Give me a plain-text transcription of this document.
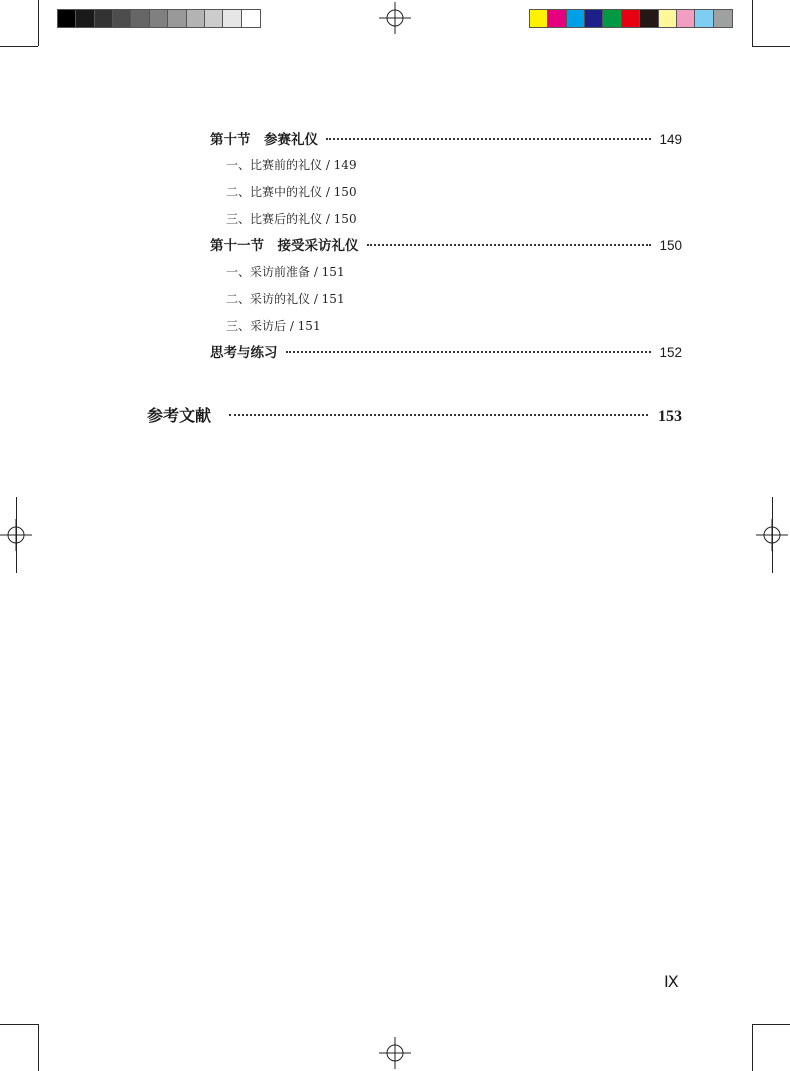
第十节　参赛礼仪	149
一、比赛前的礼仪 / 149
二、比赛中的礼仪 / 150
三、比赛后的礼仪 / 150
第十一节　接受采访礼仪	150
一、采访前准备 / 151
二、采访的礼仪 / 151
三、采访后 / 151
思考与练习	152
参考文献	153
Ⅸ
